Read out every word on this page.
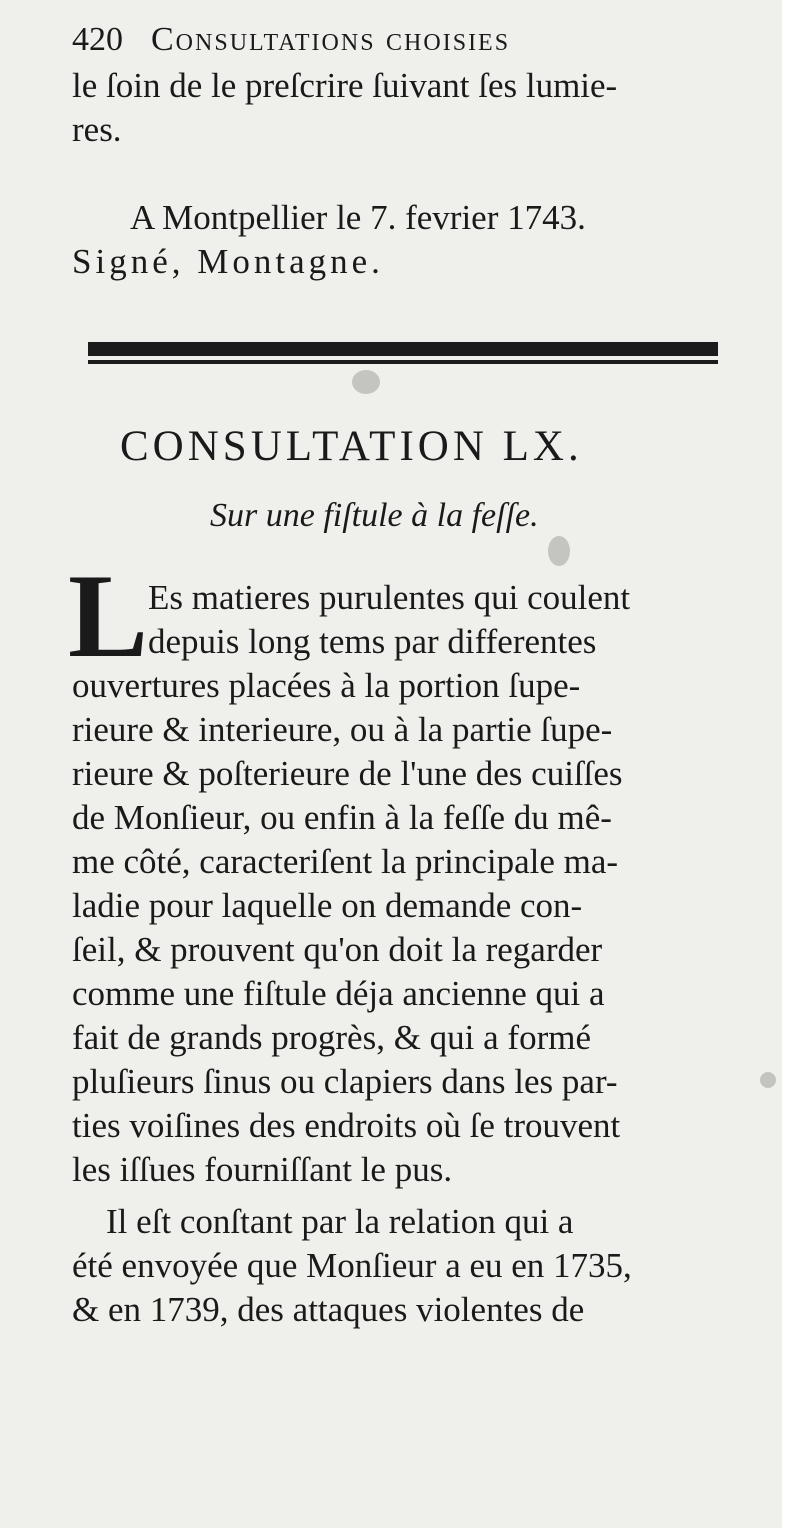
420 Consultations choisies
le ſoin de le preſcrire ſuivant ſes lumie-
res.
A Montpellier le 7. fevrier 1743.
Signé, Montagne.
CONSULTATION LX.
Sur une fiſtule à la feſſe.
L Es matieres purulentes qui coulent
depuis long tems par differentes
ouvertures placées à la portion ſupe-
rieure & interieure, ou à la partie ſupe-
rieure & poſterieure de l'une des cuiſſes
de Monſieur, ou enfin à la feſſe du mê-
me côté, caracteriſent la principale ma-
ladie pour laquelle on demande con-
ſeil, & prouvent qu'on doit la regarder
comme une fiſtule déja ancienne qui a
fait de grands progrès, & qui a formé
pluſieurs ſinus ou clapiers dans les par-
ties voiſines des endroits où ſe trouvent
les iſſues fourniſſant le pus.
Il eſt conſtant par la relation qui a
été envoyée que Monſieur a eu en 1735,
& en 1739, des attaques violentes de
